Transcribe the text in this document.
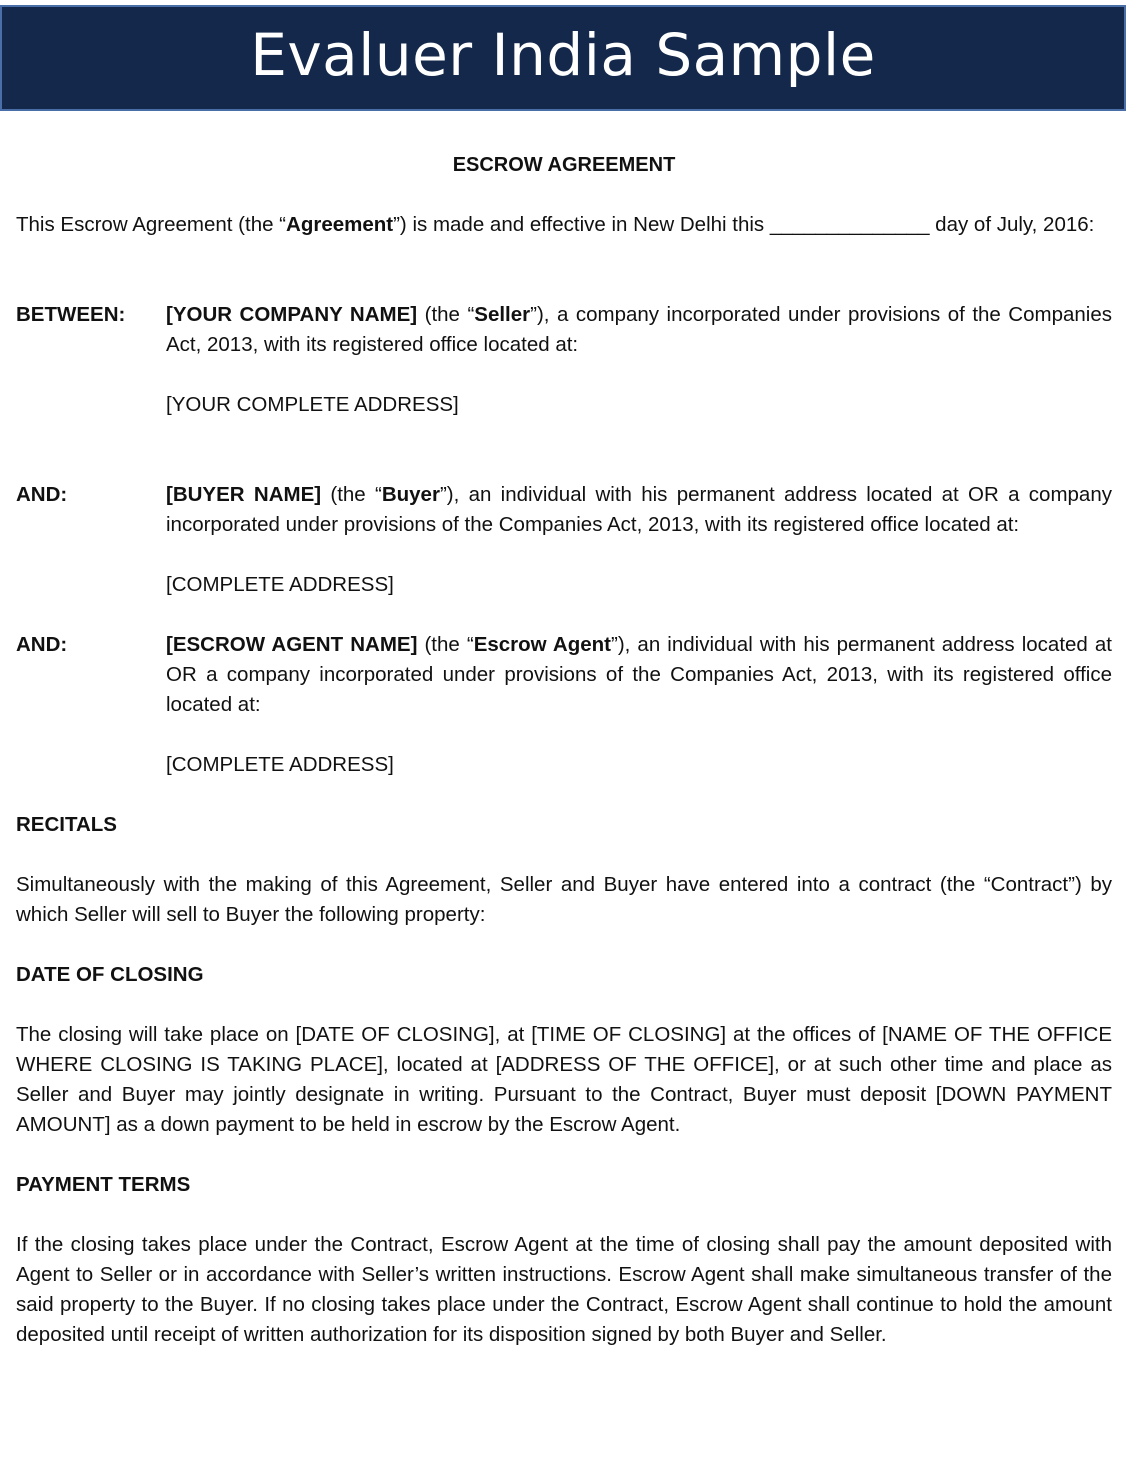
Evaluer India Sample
ESCROW AGREEMENT

This Escrow Agreement (the “Agreement”) is made and effective in New Delhi this ______________ day of July, 2016:

BETWEEN:	[YOUR COMPANY NAME] (the “Seller”), a company incorporated under provisions of the Companies Act, 2013, with its registered office located at:

[YOUR COMPLETE ADDRESS]

AND:	[BUYER NAME] (the “Buyer”), an individual with his permanent address located at OR a company incorporated under provisions of the Companies Act, 2013, with its registered office located at:

[COMPLETE ADDRESS]

AND:	[ESCROW AGENT NAME] (the “Escrow Agent”), an individual with his permanent address located at OR a company incorporated under provisions of the Companies Act, 2013, with its registered office located at:

[COMPLETE ADDRESS]

RECITALS

Simultaneously with the making of this Agreement, Seller and Buyer have entered into a contract (the “Contract”) by which Seller will sell to Buyer the following property:

DATE OF CLOSING

The closing will take place on [DATE OF CLOSING], at [TIME OF CLOSING] at the offices of [NAME OF THE OFFICE WHERE CLOSING IS TAKING PLACE], located at [ADDRESS OF THE OFFICE], or at such other time and place as Seller and Buyer may jointly designate in writing. Pursuant to the Contract, Buyer must deposit [DOWN PAYMENT AMOUNT] as a down payment to be held in escrow by the Escrow Agent.

PAYMENT TERMS

If the closing takes place under the Contract, Escrow Agent at the time of closing shall pay the amount deposited with Agent to Seller or in accordance with Seller’s written instructions. Escrow Agent shall make simultaneous transfer of the said property to the Buyer. If no closing takes place under the Contract, Escrow Agent shall continue to hold the amount deposited until receipt of written authorization for its disposition signed by both Buyer and Seller.
